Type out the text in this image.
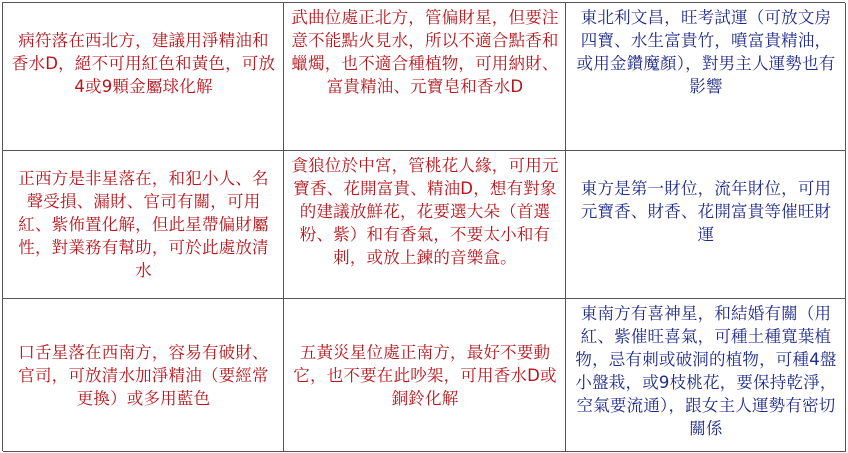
病符落在西北方，建議用淨精油和香水D，絕不可用紅色和黃色，可放4或9顆金屬球化解
武曲位處正北方，管偏財星，但要注意不能點火見水，所以不適合點香和蠟燭，也不適合種植物，可用納財、富貴精油、元寶皂和香水D
東北利文昌，旺考試運（可放文房四寶、水生富貴竹，噴富貴精油，或用金鑽魔顏），對男主人運勢也有影響
正西方是非星落在，和犯小人、名聲受損、漏財、官司有關，可用紅、紫佈置化解，但此星帶偏財屬性，對業務有幫助，可於此處放清水
貪狼位於中宮，管桃花人緣，可用元寶香、花開富貴、精油D，想有對象的建議放鮮花，花要選大朵（首選粉、紫）和有香氣，不要太小和有刺，或放上鍊的音樂盒。
東方是第一財位，流年財位，可用元寶香、財香、花開富貴等催旺財運
口舌星落在西南方，容易有破財、官司，可放清水加淨精油（要經常更換）或多用藍色
五黃災星位處正南方，最好不要動它，也不要在此吵架，可用香水D或銅鈴化解
東南方有喜神星，和結婚有關（用紅、紫催旺喜氣，可種土種寬葉植物，忌有刺或破洞的植物，可種4盤小盤栽，或9枝桃花，要保持乾淨，空氣要流通），跟女主人運勢有密切關係
